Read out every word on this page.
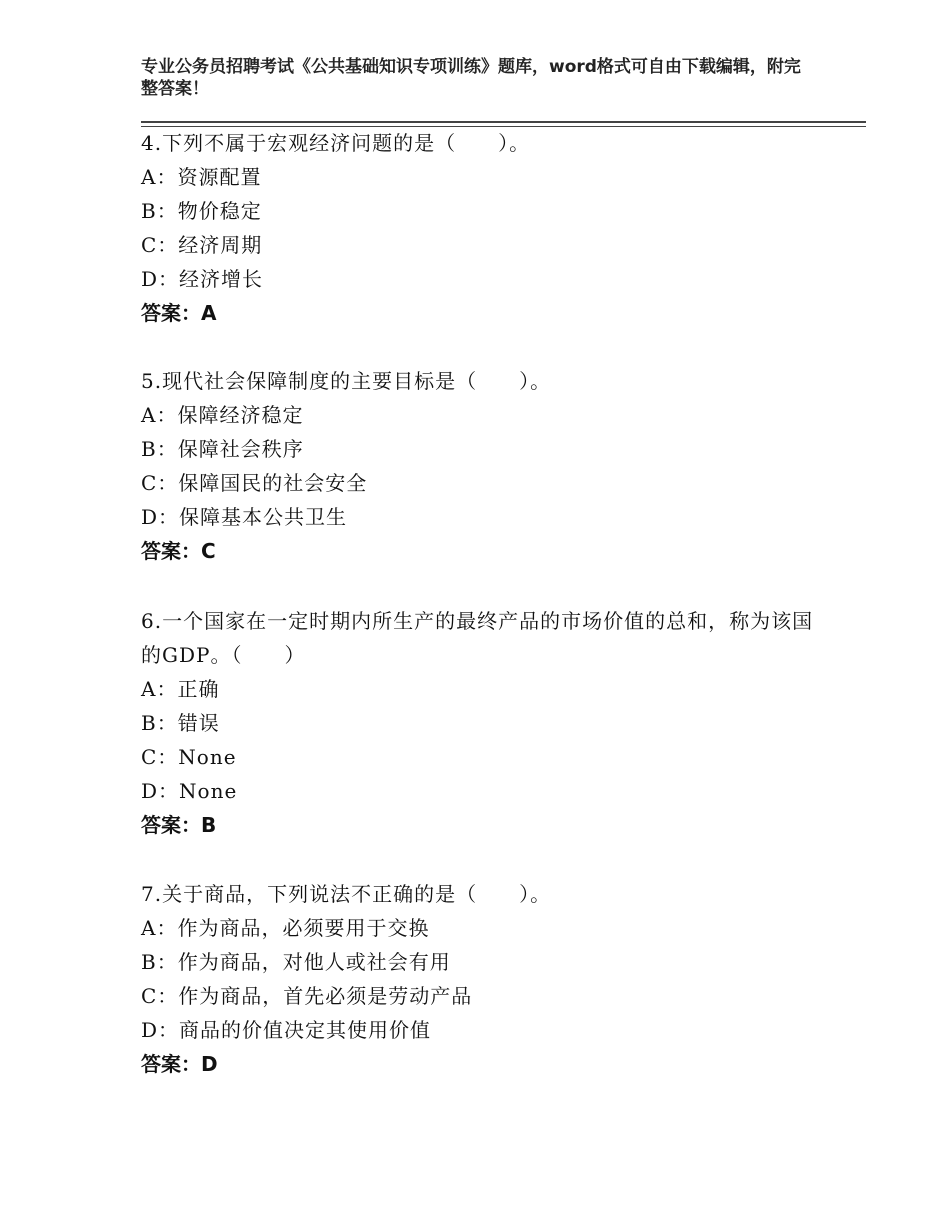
专业公务员招聘考试《公共基础知识专项训练》题库，word格式可自由下载编辑，附完整答案！

4.下列不属于宏观经济问题的是（　　）。

A：资源配置

B：物价稳定

C：经济周期

D：经济增长

答案：A

5.现代社会保障制度的主要目标是（　　）。

A：保障经济稳定

B：保障社会秩序

C：保障国民的社会安全

D：保障基本公共卫生

答案：C

6.一个国家在一定时期内所生产的最终产品的市场价值的总和，称为该国的GDP。（　　）

A：正确

B：错误

C：None

D：None

答案：B

7.关于商品，下列说法不正确的是（　　）。

A：作为商品，必须要用于交换

B：作为商品，对他人或社会有用

C：作为商品，首先必须是劳动产品

D：商品的价值决定其使用价值

答案：D
